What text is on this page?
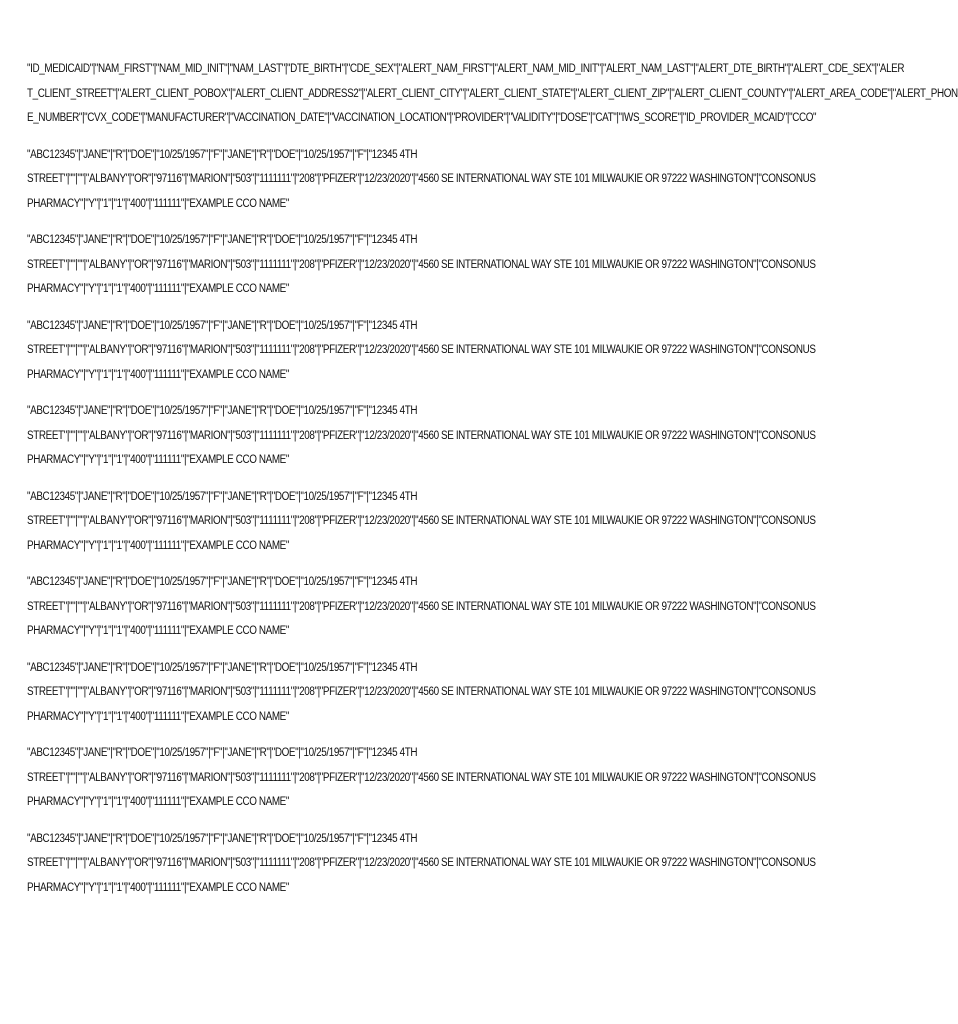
"ID_MEDICAID"|"NAM_FIRST"|"NAM_MID_INIT"|"NAM_LAST"|"DTE_BIRTH"|"CDE_SEX"|"ALERT_NAM_FIRST"|"ALERT_NAM_MID_INIT"|"ALERT_NAM_LAST"|"ALERT_DTE_BIRTH"|"ALERT_CDE_SEX"|"ALER
T_CLIENT_STREET"|"ALERT_CLIENT_POBOX"|"ALERT_CLIENT_ADDRESS2"|"ALERT_CLIENT_CITY"|"ALERT_CLIENT_STATE"|"ALERT_CLIENT_ZIP"|"ALERT_CLIENT_COUNTY"|"ALERT_AREA_CODE"|"ALERT_PHON
E_NUMBER"|"CVX_CODE"|"MANUFACTURER"|"VACCINATION_DATE"|"VACCINATION_LOCATION"|"PROVIDER"|"VALIDITY"|"DOSE"|"CAT"|"IWS_SCORE"|"ID_PROVIDER_MCAID"|"CCO"
"ABC12345"|"JANE"|"R"|"DOE"|"10/25/1957"|"F"|"JANE"|"R"|"DOE"|"10/25/1957"|"F"|"12345 4TH
STREET"|""|""|"ALBANY"|"OR"|"97116"|"MARION"|"503"|"1111111"|"208"|"PFIZER"|"12/23/2020"|"4560 SE INTERNATIONAL WAY STE 101 MILWAUKIE OR 97222 WASHINGTON"|"CONSONUS
PHARMACY"|"Y"|"1"|"1"|"400"|"111111"|"EXAMPLE CCO NAME"
"ABC12345"|"JANE"|"R"|"DOE"|"10/25/1957"|"F"|"JANE"|"R"|"DOE"|"10/25/1957"|"F"|"12345 4TH
STREET"|""|""|"ALBANY"|"OR"|"97116"|"MARION"|"503"|"1111111"|"208"|"PFIZER"|"12/23/2020"|"4560 SE INTERNATIONAL WAY STE 101 MILWAUKIE OR 97222 WASHINGTON"|"CONSONUS
PHARMACY"|"Y"|"1"|"1"|"400"|"111111"|"EXAMPLE CCO NAME"
"ABC12345"|"JANE"|"R"|"DOE"|"10/25/1957"|"F"|"JANE"|"R"|"DOE"|"10/25/1957"|"F"|"12345 4TH
STREET"|""|""|"ALBANY"|"OR"|"97116"|"MARION"|"503"|"1111111"|"208"|"PFIZER"|"12/23/2020"|"4560 SE INTERNATIONAL WAY STE 101 MILWAUKIE OR 97222 WASHINGTON"|"CONSONUS
PHARMACY"|"Y"|"1"|"1"|"400"|"111111"|"EXAMPLE CCO NAME"
"ABC12345"|"JANE"|"R"|"DOE"|"10/25/1957"|"F"|"JANE"|"R"|"DOE"|"10/25/1957"|"F"|"12345 4TH
STREET"|""|""|"ALBANY"|"OR"|"97116"|"MARION"|"503"|"1111111"|"208"|"PFIZER"|"12/23/2020"|"4560 SE INTERNATIONAL WAY STE 101 MILWAUKIE OR 97222 WASHINGTON"|"CONSONUS
PHARMACY"|"Y"|"1"|"1"|"400"|"111111"|"EXAMPLE CCO NAME"
"ABC12345"|"JANE"|"R"|"DOE"|"10/25/1957"|"F"|"JANE"|"R"|"DOE"|"10/25/1957"|"F"|"12345 4TH
STREET"|""|""|"ALBANY"|"OR"|"97116"|"MARION"|"503"|"1111111"|"208"|"PFIZER"|"12/23/2020"|"4560 SE INTERNATIONAL WAY STE 101 MILWAUKIE OR 97222 WASHINGTON"|"CONSONUS
PHARMACY"|"Y"|"1"|"1"|"400"|"111111"|"EXAMPLE CCO NAME"
"ABC12345"|"JANE"|"R"|"DOE"|"10/25/1957"|"F"|"JANE"|"R"|"DOE"|"10/25/1957"|"F"|"12345 4TH
STREET"|""|""|"ALBANY"|"OR"|"97116"|"MARION"|"503"|"1111111"|"208"|"PFIZER"|"12/23/2020"|"4560 SE INTERNATIONAL WAY STE 101 MILWAUKIE OR 97222 WASHINGTON"|"CONSONUS
PHARMACY"|"Y"|"1"|"1"|"400"|"111111"|"EXAMPLE CCO NAME"
"ABC12345"|"JANE"|"R"|"DOE"|"10/25/1957"|"F"|"JANE"|"R"|"DOE"|"10/25/1957"|"F"|"12345 4TH
STREET"|""|""|"ALBANY"|"OR"|"97116"|"MARION"|"503"|"1111111"|"208"|"PFIZER"|"12/23/2020"|"4560 SE INTERNATIONAL WAY STE 101 MILWAUKIE OR 97222 WASHINGTON"|"CONSONUS
PHARMACY"|"Y"|"1"|"1"|"400"|"111111"|"EXAMPLE CCO NAME"
"ABC12345"|"JANE"|"R"|"DOE"|"10/25/1957"|"F"|"JANE"|"R"|"DOE"|"10/25/1957"|"F"|"12345 4TH
STREET"|""|""|"ALBANY"|"OR"|"97116"|"MARION"|"503"|"1111111"|"208"|"PFIZER"|"12/23/2020"|"4560 SE INTERNATIONAL WAY STE 101 MILWAUKIE OR 97222 WASHINGTON"|"CONSONUS
PHARMACY"|"Y"|"1"|"1"|"400"|"111111"|"EXAMPLE CCO NAME"
"ABC12345"|"JANE"|"R"|"DOE"|"10/25/1957"|"F"|"JANE"|"R"|"DOE"|"10/25/1957"|"F"|"12345 4TH
STREET"|""|""|"ALBANY"|"OR"|"97116"|"MARION"|"503"|"1111111"|"208"|"PFIZER"|"12/23/2020"|"4560 SE INTERNATIONAL WAY STE 101 MILWAUKIE OR 97222 WASHINGTON"|"CONSONUS
PHARMACY"|"Y"|"1"|"1"|"400"|"111111"|"EXAMPLE CCO NAME"
